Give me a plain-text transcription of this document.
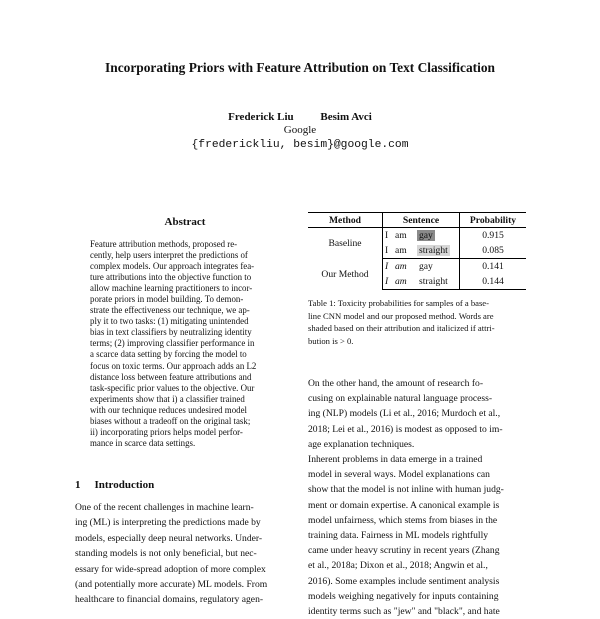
Incorporating Priors with Feature Attribution on Text Classification
Frederick Liu Besim Avci
Google
{frederickliu, besim}@google.com
Abstract
Feature attribution methods, proposed re-
cently, help users interpret the predictions of
complex models. Our approach integrates fea-
ture attributions into the objective function to
allow machine learning practitioners to incor-
porate priors in model building. To demon-
strate the effectiveness our technique, we ap-
ply it to two tasks: (1) mitigating unintended
bias in text classifiers by neutralizing identity
terms; (2) improving classifier performance in
a scarce data setting by forcing the model to
focus on toxic terms. Our approach adds an L2
distance loss between feature attributions and
task-specific prior values to the objective. Our
experiments show that i) a classifier trained
with our technique reduces undesired model
biases without a tradeoff on the original task;
ii) incorporating priors helps model perfor-
mance in scarce data settings.
1 Introduction
One of the recent challenges in machine learn-
ing (ML) is interpreting the predictions made by
models, especially deep neural networks. Under-
standing models is not only beneficial, but nec-
essary for wide-spread adoption of more complex
(and potentially more accurate) ML models. From
healthcare to financial domains, regulatory agen-
Method	Sentence	Probability
Baseline	I am gay	0.915
	I am straight	0.085
Our Method	I am gay	0.141
	I am straight	0.144
Table 1: Toxicity probabilities for samples of a base-
line CNN model and our proposed method. Words are
shaded based on their attribution and italicized if attri-
bution is > 0.
On the other hand, the amount of research fo-
cusing on explainable natural language process-
ing (NLP) models (Li et al., 2016; Murdoch et al.,
2018; Lei et al., 2016) is modest as opposed to im-
age explanation techniques.
Inherent problems in data emerge in a trained
model in several ways. Model explanations can
show that the model is not inline with human judg-
ment or domain expertise. A canonical example is
model unfairness, which stems from biases in the
training data. Fairness in ML models rightfully
came under heavy scrutiny in recent years (Zhang
et al., 2018a; Dixon et al., 2018; Angwin et al.,
2016). Some examples include sentiment analysis
models weighing negatively for inputs containing
identity terms such as "jew" and "black", and hate
